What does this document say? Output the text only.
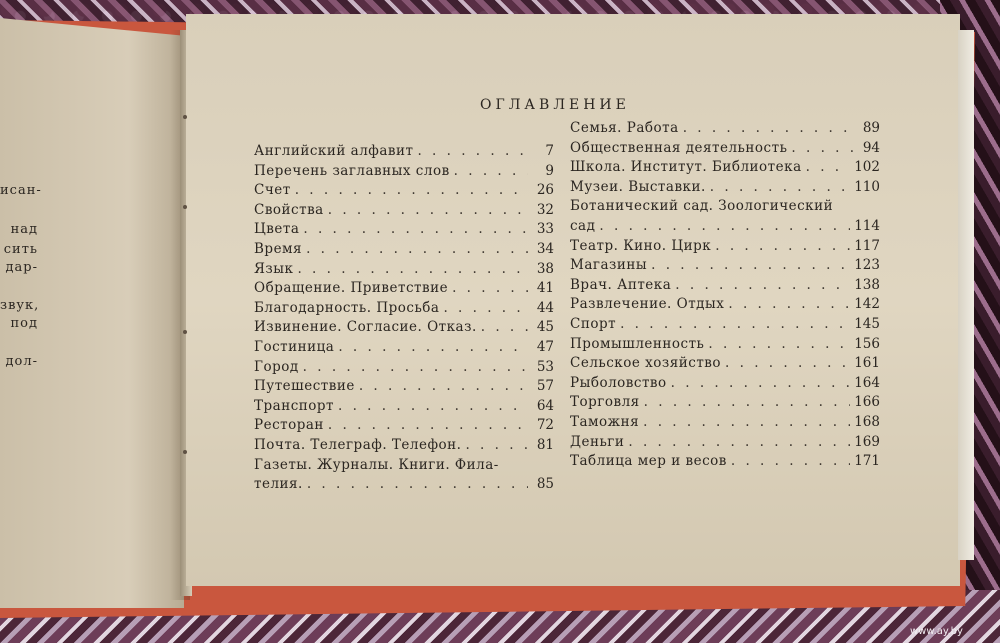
исан-
над
сить
дар-
звук,
под
дол-
ОГЛАВЛЕНИЕ
Английский алфавит . . .	7
Перечень заглавных слов . . .	9
Счет . . .	26
Свойства . . .	32
Цвета . . .	33
Время . . .	34
Язык . . .	38
Обращение. Приветствие . . .	41
Благодарность. Просьба . . .	44
Извинение. Согласие. Отказ. . . .	45
Гостиница . . .	47
Город . . .	53
Путешествие . . .	57
Транспорт . . .	64
Ресторан . . .	72
Почта. Телеграф. Телефон. . . .	81
Газеты. Журналы. Книги. Фила-
телия. . . .	85
Семья. Работа . . .	89
Общественная деятельность . . .	94
Школа. Институт. Библиотека . . .	102
Музеи. Выставки. . . .	110
Ботанический сад. Зоологический
сад . . .	114
Театр. Кино. Цирк . . .	117
Магазины . . .	123
Врач. Аптека . . .	138
Развлечение. Отдых . . .	142
Спорт . . .	145
Промышленность . . .	156
Сельское хозяйство . . .	161
Рыболовство . . .	164
Торговля . . .	166
Таможня . . .	168
Деньги . . .	169
Таблица мер и весов . . .	171
www.ay.by
